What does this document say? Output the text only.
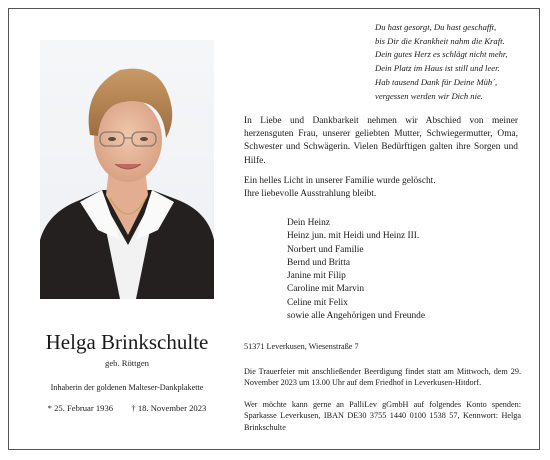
Du hast gesorgt, Du hast geschafft,
bis Dir die Krankheit nahm die Kraft.
Dein gutes Herz es schlägt nicht mehr,
Dein Platz im Haus ist still und leer.
Hab tausend Dank für Deine Müh´,
vergessen werden wir Dich nie.

In Liebe und Dankbarkeit nehmen wir Abschied von meiner herzensguten Frau, unserer geliebten Mutter, Schwiegermutter, Oma, Schwester und Schwägerin. Vielen Bedürftigen galten ihre Sorgen und Hilfe.

Ein helles Licht in unserer Familie wurde gelöscht.
Ihre liebevolle Ausstrahlung bleibt.
Dein Heinz
Heinz jun. mit Heidi und Heinz III.
Norbert und Familie
Bernd und Britta
Janine mit Filip
Caroline mit Marvin
Celine mit Felix
sowie alle Angehörigen und Freunde
Helga Brinkschulte
geb. Röttgen
Inhaberin der goldenen Malteser-Dankplakette
* 25. Februar 1936 † 18. November 2023
51371 Leverkusen, Wiesenstraße 7
Die Trauerfeier mit anschließender Beerdigung findet statt am Mittwoch, dem 29. November 2023 um 13.00 Uhr auf dem Friedhof in Leverkusen-Hitdorf.
Wer möchte kann gerne an PalliLev gGmbH auf folgendes Konto spenden: Sparkasse Leverkusen, IBAN DE30 3755 1440 0100 1538 57, Kennwort: Helga Brinkschulte
